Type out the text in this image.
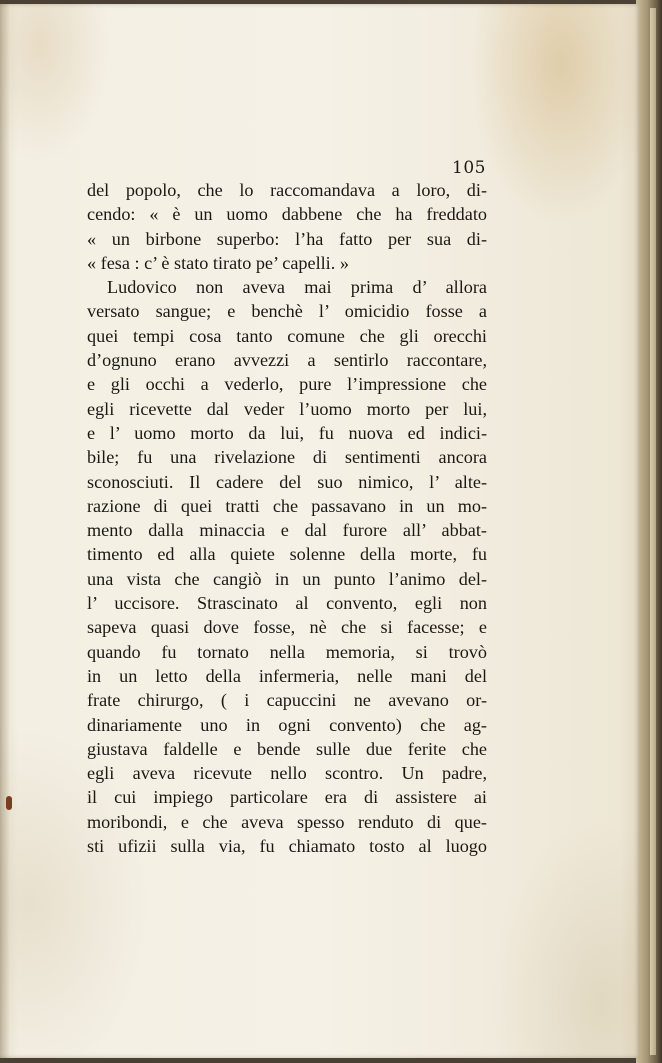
105
del popolo, che lo raccomandava a loro, di-
cendo: « è un uomo dabbene che ha freddato
« un birbone superbo: l’ha fatto per sua di-
« fesa : c’ è stato tirato pe’ capelli. »
Ludovico non aveva mai prima d’ allora
versato sangue; e benchè l’ omicidio fosse a
quei tempi cosa tanto comune che gli orecchi
d’ognuno erano avvezzi a sentirlo raccontare,
e gli occhi a vederlo, pure l’impressione che
egli ricevette dal veder l’uomo morto per lui,
e l’ uomo morto da lui, fu nuova ed indici-
bile; fu una rivelazione di sentimenti ancora
sconosciuti. Il cadere del suo nimico, l’ alte-
razione di quei tratti che passavano in un mo-
mento dalla minaccia e dal furore all’ abbat-
timento ed alla quiete solenne della morte, fu
una vista che cangiò in un punto l’animo del-
l’ uccisore. Strascinato al convento, egli non
sapeva quasi dove fosse, nè che si facesse; e
quando fu tornato nella memoria, si trovò
in un letto della infermeria, nelle mani del
frate chirurgo, ( i capuccini ne avevano or-
dinariamente uno in ogni convento) che ag-
giustava faldelle e bende sulle due ferite che
egli aveva ricevute nello scontro. Un padre,
il cui impiego particolare era di assistere ai
moribondi, e che aveva spesso renduto di que-
sti ufizii sulla via, fu chiamato tosto al luogo
